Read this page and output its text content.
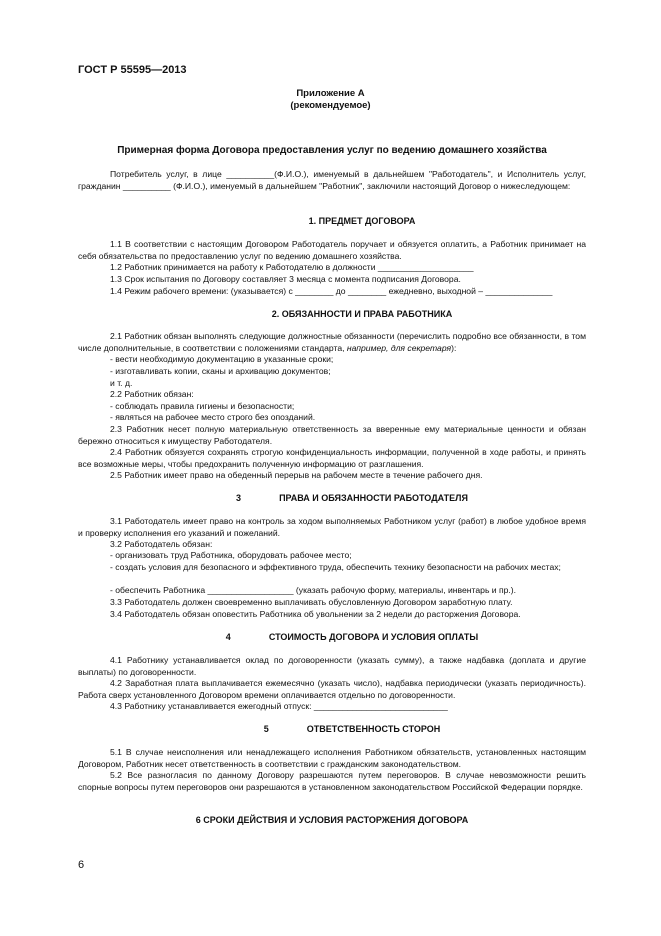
ГОСТ Р 55595—2013
Приложение А
(рекомендуемое)
Примерная форма Договора предоставления услуг по ведению домашнего хозяйства
Потребитель услуг, в лице __________(Ф.И.О.), именуемый в дальнейшем "Работодатель", и Исполнитель услуг, гражданин __________ (Ф.И.О.), именуемый в дальнейшем "Работник", заключили настоящий Договор о нижеследующем:
1. ПРЕДМЕТ ДОГОВОРА
1.1 В соответствии с настоящим Договором Работодатель поручает и обязуется оплатить, а Работник принимает на себя обязательства по предоставлению услуг по ведению домашнего хозяйства.
1.2 Работник принимается на работу к Работодателю в должности ____________________
1.3 Срок испытания по Договору составляет 3 месяца с момента подписания Договора.
1.4 Режим рабочего времени: (указывается) с ________ до ________ ежедневно, выходной – ______________
2. ОБЯЗАННОСТИ И ПРАВА РАБОТНИКА
2.1 Работник обязан выполнять следующие должностные обязанности (перечислить подробно все обязанности, в том числе дополнительные, в соответствии с положениями стандарта, например, для секретаря):
- вести необходимую документацию в указанные сроки;
- изготавливать копии, сканы и архивацию документов;
и т. д.
2.2 Работник обязан:
- соблюдать правила гигиены и безопасности;
- являться на рабочее место строго без опозданий.
2.3 Работник несет полную материальную ответственность за вверенные ему материальные ценности и обязан бережно относиться к имуществу Работодателя.
2.4 Работник обязуется сохранять строгую конфиденциальность информации, полученной в ходе работы, и принять все возможные меры, чтобы предохранить полученную информацию от разглашения.
2.5 Работник имеет право на обеденный перерыв на рабочем месте в течение рабочего дня.
3	ПРАВА И ОБЯЗАННОСТИ РАБОТОДАТЕЛЯ
3.1 Работодатель имеет право на контроль за ходом выполняемых Работником услуг (работ) в любое удобное время и проверку исполнения его указаний и пожеланий.
3.2 Работодатель обязан:
- организовать труд Работника, оборудовать рабочее место;
- создать условия для безопасного и эффективного труда, обеспечить технику безопасности на рабочих местах;
- обеспечить Работника __________________ (указать рабочую форму, материалы, инвентарь и пр.).
3.3 Работодатель должен своевременно выплачивать обусловленную Договором заработную плату.
3.4 Работодатель обязан оповестить Работника об увольнении за 2 недели до расторжения Договора.
4	СТОИМОСТЬ ДОГОВОРА И УСЛОВИЯ ОПЛАТЫ
4.1 Работнику устанавливается оклад по договоренности (указать сумму), а также надбавка (доплата и другие выплаты) по договоренности.
4.2 Заработная плата выплачивается ежемесячно (указать число), надбавка периодически (указать периодичность). Работа сверх установленного Договором времени оплачивается отдельно по договоренности.
4.3 Работнику устанавливается ежегодный отпуск: ____________________________
5	ОТВЕТСТВЕННОСТЬ СТОРОН
5.1 В случае неисполнения или ненадлежащего исполнения Работником обязательств, установленных настоящим Договором, Работник несет ответственность в соответствии с гражданским законодательством.
5.2 Все разногласия по данному Договору разрешаются путем переговоров. В случае невозможности решить спорные вопросы путем переговоров они разрешаются в установленном законодательством Российской Федерации порядке.
6 СРОКИ ДЕЙСТВИЯ И УСЛОВИЯ РАСТОРЖЕНИЯ ДОГОВОРА
6
